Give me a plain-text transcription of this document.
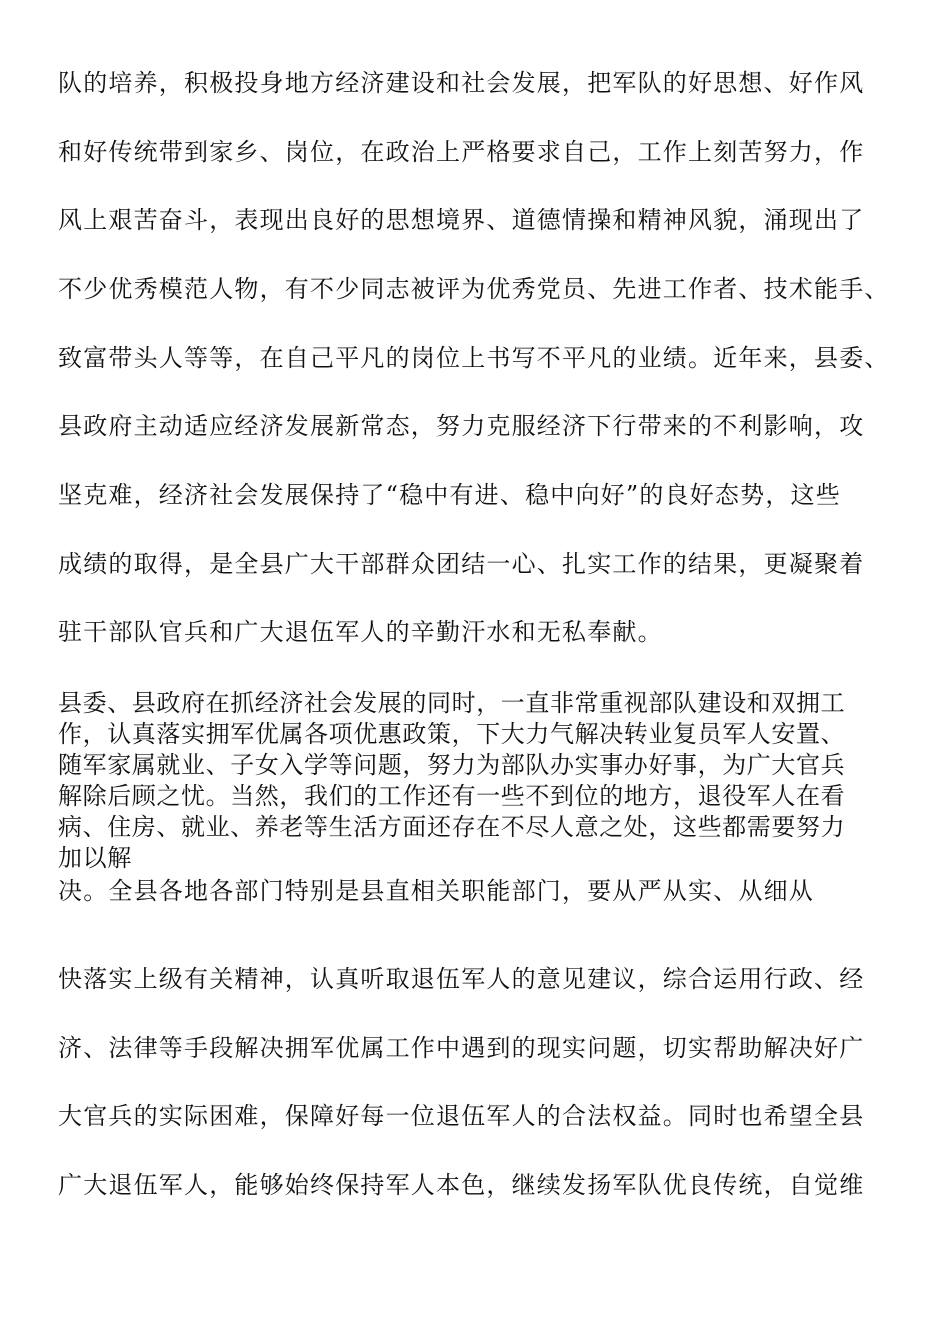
队的培养，积极投身地方经济建设和社会发展，把军队的好思想、好作风
和好传统带到家乡、岗位，在政治上严格要求自己，工作上刻苦努力，作
风上艰苦奋斗，表现出良好的思想境界、道德情操和精神风貌，涌现出了
不少优秀模范人物，有不少同志被评为优秀党员、先进工作者、技术能手、
致富带头人等等，在自己平凡的岗位上书写不平凡的业绩。近年来，县委、
县政府主动适应经济发展新常态，努力克服经济下行带来的不利影响，攻
坚克难，经济社会发展保持了“稳中有进、稳中向好”的良好态势，这些
成绩的取得，是全县广大干部群众团结一心、扎实工作的结果，更凝聚着
驻干部队官兵和广大退伍军人的辛勤汗水和无私奉献。
县委、县政府在抓经济社会发展的同时，一直非常重视部队建设和双拥工
作，认真落实拥军优属各项优惠政策，下大力气解决转业复员军人安置、
随军家属就业、子女入学等问题，努力为部队办实事办好事，为广大官兵
解除后顾之忧。当然，我们的工作还有一些不到位的地方，退役军人在看
病、住房、就业、养老等生活方面还存在不尽人意之处，这些都需要努力
加以解
决。全县各地各部门特别是县直相关职能部门，要从严从实、从细从
快落实上级有关精神，认真听取退伍军人的意见建议，综合运用行政、经
济、法律等手段解决拥军优属工作中遇到的现实问题，切实帮助解决好广
大官兵的实际困难，保障好每一位退伍军人的合法权益。同时也希望全县
广大退伍军人，能够始终保持军人本色，继续发扬军队优良传统，自觉维
